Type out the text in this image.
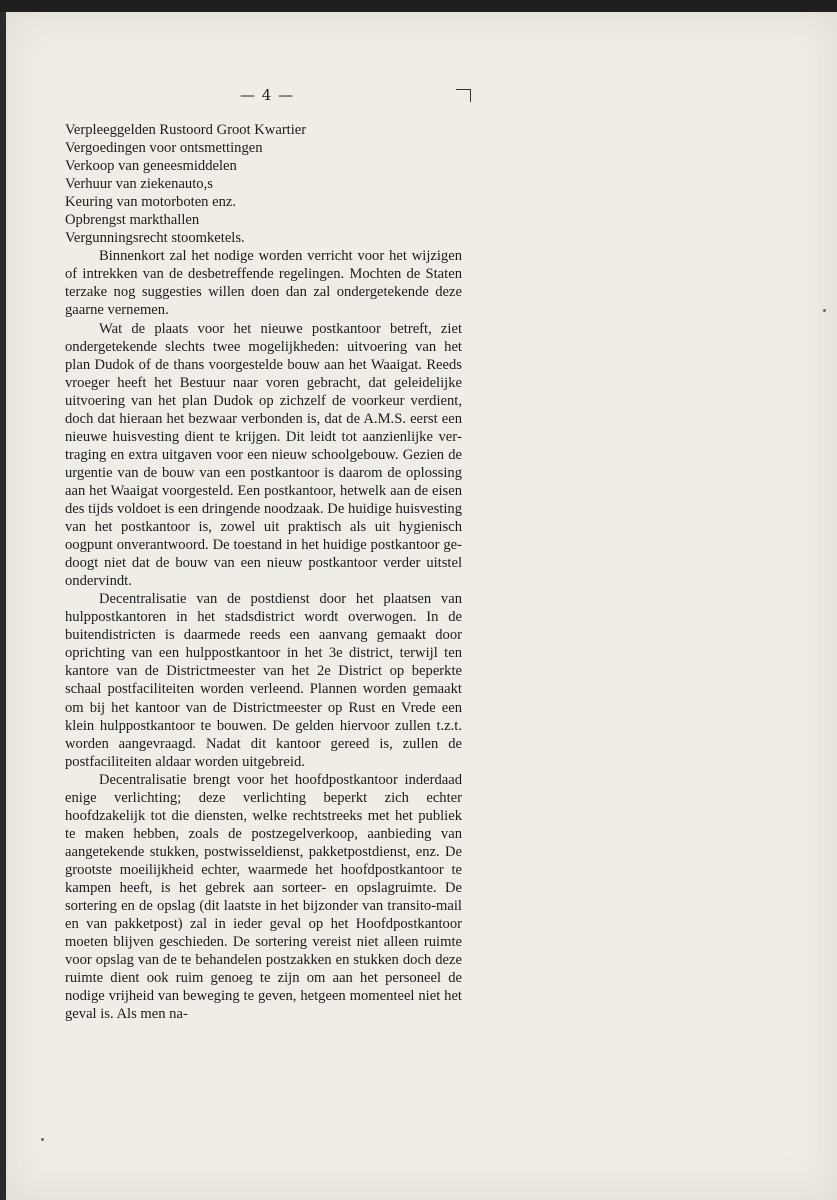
— 4 —
Verpleeggelden Rustoord Groot Kwartier
Vergoedingen voor ontsmettingen
Verkoop van geneesmiddelen
Verhuur van ziekenauto,s
Keuring van motorboten enz.
Opbrengst markthallen
Vergunningsrecht stoomketels.

Binnenkort zal het nodige worden verricht voor het wijzigen of intrekken van de desbetreffende regelingen. Mochten de Staten terzake nog suggesties willen doen dan zal ondergetekende deze gaarne vernemen.

Wat de plaats voor het nieuwe postkantoor betreft, ziet ondergetekende slechts twee mogelijkheden: uitvoering van het plan Dudok of de thans voorgestelde bouw aan het Waaigat. Reeds vroeger heeft het Bestuur naar voren gebracht, dat geleidelijke uitvoering van het plan Dudok op zichzelf de voorkeur verdient, doch dat hieraan het bezwaar verbonden is, dat de A.M.S. eerst een nieuwe huisvesting dient te krijgen. Dit leidt tot aanzienlijke vertraging en extra uitgaven voor een nieuw schoolgebouw. Gezien de urgentie van de bouw van een postkantoor is daarom de oplossing aan het Waaigat voorgesteld. Een postkantoor, hetwelk aan de eisen des tijds voldoet is een dringende noodzaak. De huidige huisvesting van het postkantoor is, zowel uit praktisch als uit hygienisch oogpunt onverantwoord. De toestand in het huidige postkantoor gedoogt niet dat de bouw van een nieuw postkantoor verder uitstel ondervindt.

Decentralisatie van de postdienst door het plaatsen van hulppostkantoren in het stadsdistrict wordt overwogen. In de buitendistricten is daarmede reeds een aanvang gemaakt door oprichting van een hulppostkantoor in het 3e district, terwijl ten kantore van de Districtmeester van het 2e District op beperkte schaal postfaciliteiten worden verleend. Plannen worden gemaakt om bij het kantoor van de Districtmeester op Rust en Vrede een klein hulppostkantoor te bouwen. De gelden hiervoor zullen t.z.t. worden aangevraagd. Nadat dit kantoor gereed is, zullen de postfaciliteiten aldaar worden uitgebreid.

Decentralisatie brengt voor het hoofdpostkantoor inderdaad enige verlichting; deze verlichting beperkt zich echter hoofdzakelijk tot die diensten, welke rechtstreeks met het publiek te maken hebben, zoals de postzegelverkoop, aanbieding van aangetekende stukken, postwisseldienst, pakketpostdienst, enz. De grootste moeilijkheid echter, waarmede het hoofdpostkantoor te kampen heeft, is het gebrek aan sorteer- en opslagruimte. De sortering en de opslag (dit laatste in het bijzonder van transito-mail en van pakketpost) zal in ieder geval op het Hoofdpostkantoor moeten blijven geschieden. De sortering vereist niet alleen ruimte voor opslag van de te behandelen postzakken en stukken doch deze ruimte dient ook ruim genoeg te zijn om aan het personeel de nodige vrijheid van beweging te geven, hetgeen momenteel niet het geval is. Als men na-
